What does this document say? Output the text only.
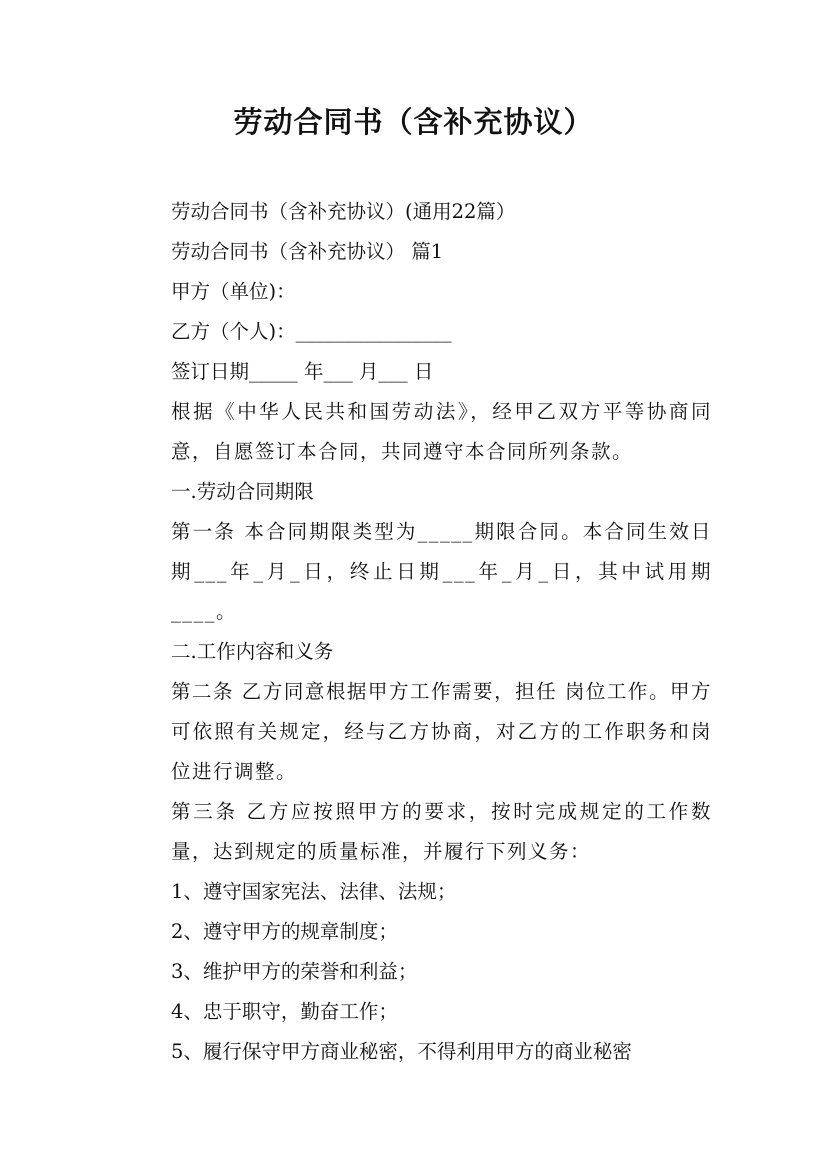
劳动合同书（含补充协议）

劳动合同书（含补充协议）(通用22篇）

劳动合同书（含补充协议） 篇1

甲方（单位)：

乙方（个人)：________________

签订日期_____ 年___ 月___ 日

根据《中华人民共和国劳动法》，经甲乙双方平等协商同意，自愿签订本合同，共同遵守本合同所列条款。

一.劳动合同期限

第一条 本合同期限类型为_____期限合同。本合同生效日期___年_月_日，终止日期___年_月_日，其中试用期____。

二.工作内容和义务

第二条 乙方同意根据甲方工作需要，担任 岗位工作。甲方可依照有关规定，经与乙方协商，对乙方的工作职务和岗位进行调整。

第三条 乙方应按照甲方的要求，按时完成规定的工作数量，达到规定的质量标准，并履行下列义务：

1、遵守国家宪法、法律、法规；

2、遵守甲方的规章制度；

3、维护甲方的荣誉和利益；

4、忠于职守，勤奋工作；

5、履行保守甲方商业秘密，不得利用甲方的商业秘密
